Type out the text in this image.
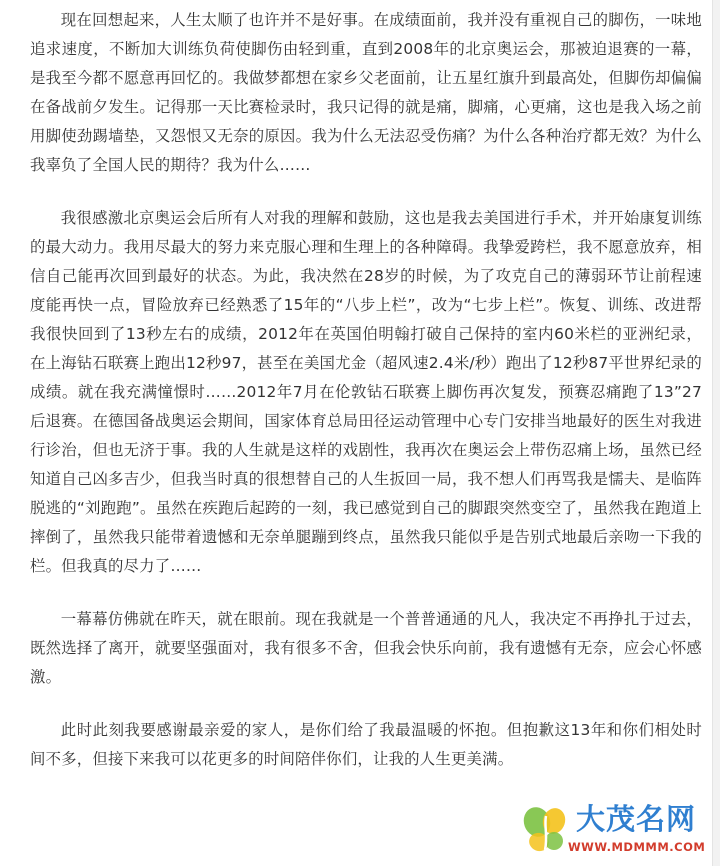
现在回想起来，人生太顺了也许并不是好事。在成绩面前，我并没有重视自己的脚伤，一味地追求速度，不断加大训练负荷使脚伤由轻到重，直到2008年的北京奥运会，那被迫退赛的一幕，是我至今都不愿意再回忆的。我做梦都想在家乡父老面前，让五星红旗升到最高处，但脚伤却偏偏在备战前夕发生。记得那一天比赛检录时，我只记得的就是痛，脚痛，心更痛，这也是我入场之前用脚使劲踢墙垫，又怨恨又无奈的原因。我为什么无法忍受伤痛？为什么各种治疗都无效？为什么我辜负了全国人民的期待？我为什么……

我很感激北京奥运会后所有人对我的理解和鼓励，这也是我去美国进行手术，并开始康复训练的最大动力。我用尽最大的努力来克服心理和生理上的各种障碍。我挚爱跨栏，我不愿意放弃，相信自己能再次回到最好的状态。为此，我决然在28岁的时候，为了攻克自己的薄弱环节让前程速度能再快一点，冒险放弃已经熟悉了15年的“八步上栏”，改为“七步上栏”。恢复、训练、改进帮我很快回到了13秒左右的成绩，2012年在英国伯明翰打破自己保持的室内60米栏的亚洲纪录，在上海钻石联赛上跑出12秒97，甚至在美国尤金（超风速2.4米/秒）跑出了12秒87平世界纪录的成绩。就在我充满憧憬时……2012年7月在伦敦钻石联赛上脚伤再次复发，预赛忍痛跑了13”27后退赛。在德国备战奥运会期间，国家体育总局田径运动管理中心专门安排当地最好的医生对我进行诊治，但也无济于事。我的人生就是这样的戏剧性，我再次在奥运会上带伤忍痛上场，虽然已经知道自己凶多吉少，但我当时真的很想替自己的人生扳回一局，我不想人们再骂我是懦夫、是临阵脱逃的“刘跑跑”。虽然在疾跑后起跨的一刻，我已感觉到自己的脚跟突然变空了，虽然我在跑道上摔倒了，虽然我只能带着遗憾和无奈单腿蹦到终点，虽然我只能似乎是告别式地最后亲吻一下我的栏。但我真的尽力了……

一幕幕仿佛就在昨天，就在眼前。现在我就是一个普普通通的凡人，我决定不再挣扎于过去，既然选择了离开，就要坚强面对，我有很多不舍，但我会快乐向前，我有遗憾有无奈，应会心怀感激。

此时此刻我要感谢最亲爱的家人，是你们给了我最温暖的怀抱。但抱歉这13年和你们相处时间不多，但接下来我可以花更多的时间陪伴你们，让我的人生更美满。

大茂名网
WWW.MDMMM.COM
